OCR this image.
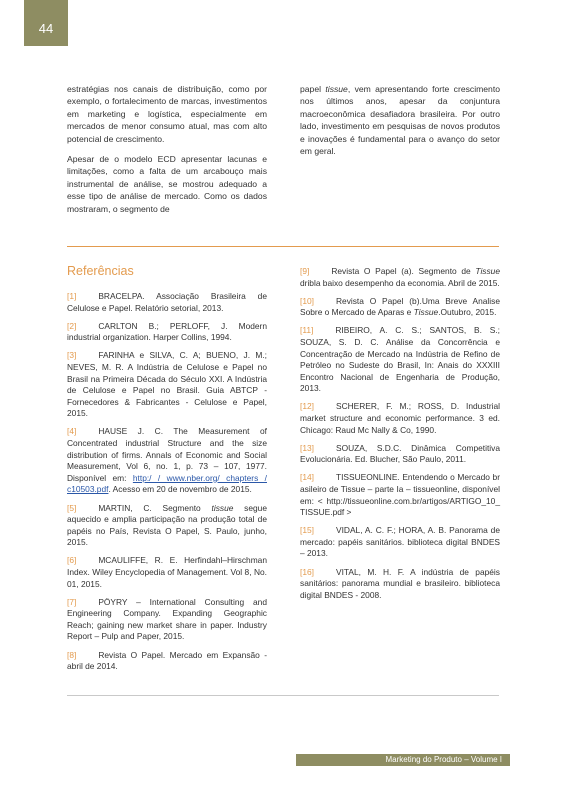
44

estratégias nos canais de distribuição, como por exemplo, o fortalecimento de marcas, investimentos em marketing e logística, especialmente em mercados de menor consumo atual, mas com alto potencial de crescimento.

Apesar de o modelo ECD apresentar lacunas e limitações, como a falta de um arcabouço mais instrumental de análise, se mostrou adequado a esse tipo de análise de mercado. Como os dados mostraram, o segmento de

papel tissue, vem apresentando forte crescimento nos últimos anos, apesar da conjuntura macroeconômica desafiadora brasileira. Por outro lado, investimento em pesquisas de novos produtos e inovações é fundamental para o avanço do setor em geral.

Referências
[1]	BRACELPA. Associação Brasileira de Celulose e Papel. Relatório setorial, 2013.
[2]	CARLTON B.; PERLOFF, J. Modern industrial organization. Harper Collins, 1994.
[3]	FARINHA e SILVA, C. A; BUENO, J. M.; NEVES, M. R. A Indústria de Celulose e Papel no Brasil na Primeira Década do Século XXI. A Indústria de Celulose e Papel no Brasil. Guia ABTCP - Fornecedores & Fabricantes - Celulose e Papel, 2015.
[4]	HAUSE J. C. The Measurement of Concentrated industrial Structure and the size distribution of firms. Annals of Economic and Social Measurement, Vol 6, no. 1, p. 73 – 107, 1977. Disponível em: http:/ / www.nber.org/ chapters / c10503.pdf. Acesso em 20 de novembro de 2015.
[5]	MARTIN, C. Segmento tissue segue aquecido e amplia participação na produção total de papéis no País, Revista O Papel, S. Paulo, junho, 2015.
[6]	MCAULIFFE, R. E. Herfindahl–Hirschman Index. Wiley Encyclopedia of Management. Vol 8, No. 01, 2015.
[7]	PÖYRY – International Consulting and Engineering Company. Expanding Geographic Reach; gaining new market share in paper. Industry Report – Pulp and Paper, 2015.
[8]	Revista O Papel. Mercado em Expansão - abril de 2014.
[9]	Revista O Papel (a). Segmento de Tissue dribla baixo desempenho da economia. Abril de 2015.
[10]	Revista O Papel (b).Uma Breve Analise Sobre o Mercado de Aparas e Tissue.Outubro, 2015.
[11]	RIBEIRO, A. C. S.; SANTOS, B. S.; SOUZA, S. D. C. Análise da Concorrência e Concentração de Mercado na Indústria de Refino de Petróleo no Sudeste do Brasil, In: Anais do XXXIII Encontro Nacional de Engenharia de Produção, 2013.
[12]	SCHERER, F. M.; ROSS, D. Industrial market structure and economic performance. 3 ed. Chicago: Raud Mc Nally & Co, 1990.
[13]	SOUZA, S.D.C. Dinâmica Competitiva Evolucionária. Ed. Blucher, São Paulo, 2011.
[14]	TISSUEONLINE. Entendendo o Mercado brasileiro de Tissue – parte Ia – tissueonline, disponível em: < http://tissueonline.com.br/artigos/ARTIGO_10_TISSUE.pdf >
[15]	VIDAL, A. C. F.; HORA, A. B. Panorama de mercado: papéis sanitários. biblioteca digital BNDES – 2013.
[16]	VITAL, M. H. F. A indústria de papéis sanitários: panorama mundial e brasileiro. biblioteca digital BNDES - 2008.
Marketing do Produto – Volume I
